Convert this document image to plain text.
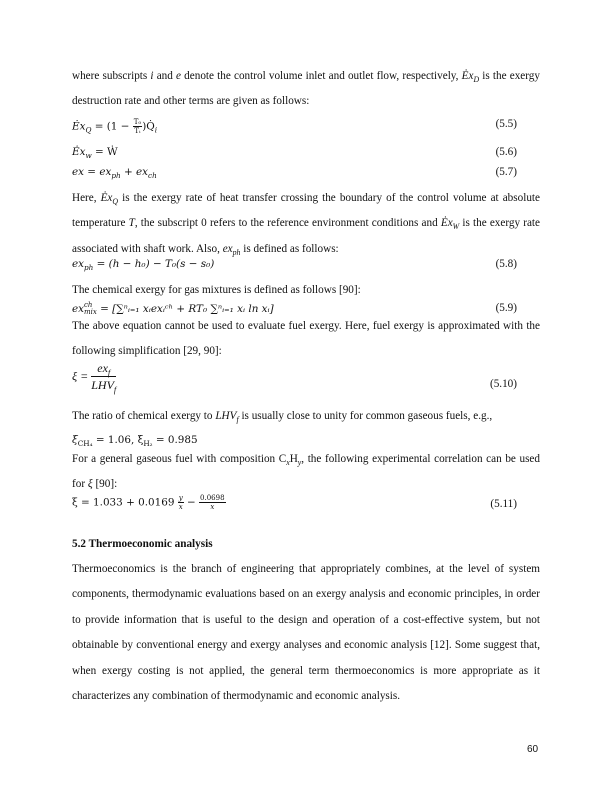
where subscripts i and e denote the control volume inlet and outlet flow, respectively, $Ėx_D$ is the exergy destruction rate and other terms are given as follows:

$Ėx_Q = (1 - \frac{\text{T₀}}{\text{Tᵢ}}$ )$Q̇_i$
(5.5)
$Ėx_w$ = Ẇ	(5.6)
ex = $ex_{ph} + ex_{ch}$	(5.7)

Here, $Ėx_Q$ is the exergy rate of heat transfer crossing the boundary of the control volume at absolute temperature T, the subscript 0 refers to the reference environment conditions and $Ėx_W$ is the exergy rate associated with shaft work. Also, $ex_{ph}$ is defined as follows:

$ex_{ph} = (h - h_0) - T_0(s - s_0)$	(5.8)
The chemical exergy for gas mixtures is defined as follows [90]:
ex ch
mix = [∑ⁿᵢ₌₁ xᵢexᵢᶜʰ + RT₀ ∑ⁿᵢ₌₁ xᵢ ln xᵢ]	(5.9)

The above equation cannot be used to evaluate fuel exergy. Here, fuel exergy is approximated with the following simplification [29, 90]:

ξ =
$ex_f$
$LHV_f$	(5.10)
The ratio of chemical exergy to $LHV_f$ is usually close to unity for common gaseous fuels, e.g.,
$\xi_{CH_4} = 1.06$, $\xi_{H_2} = 0.985$

For a general gaseous fuel with composition $C_xH_y$, the following experimental correlation can be used for ξ [90]:

$\xi = 1.033 + 0.0169 \frac{y}{x} - \frac{0.0698}{x}$	(5.11)
5.2 Thermoeconomic analysis

Thermoeconomics is the branch of engineering that appropriately combines, at the level of system components, thermodynamic evaluations based on an exergy analysis and economic principles, in order to provide information that is useful to the design and operation of a cost-effective system, but not obtainable by conventional energy and exergy analyses and economic analysis [12]. Some suggest that, when exergy costing is not applied, the general term thermoeconomics is more appropriate as it characterizes any combination of thermodynamic and economic analysis.

60
